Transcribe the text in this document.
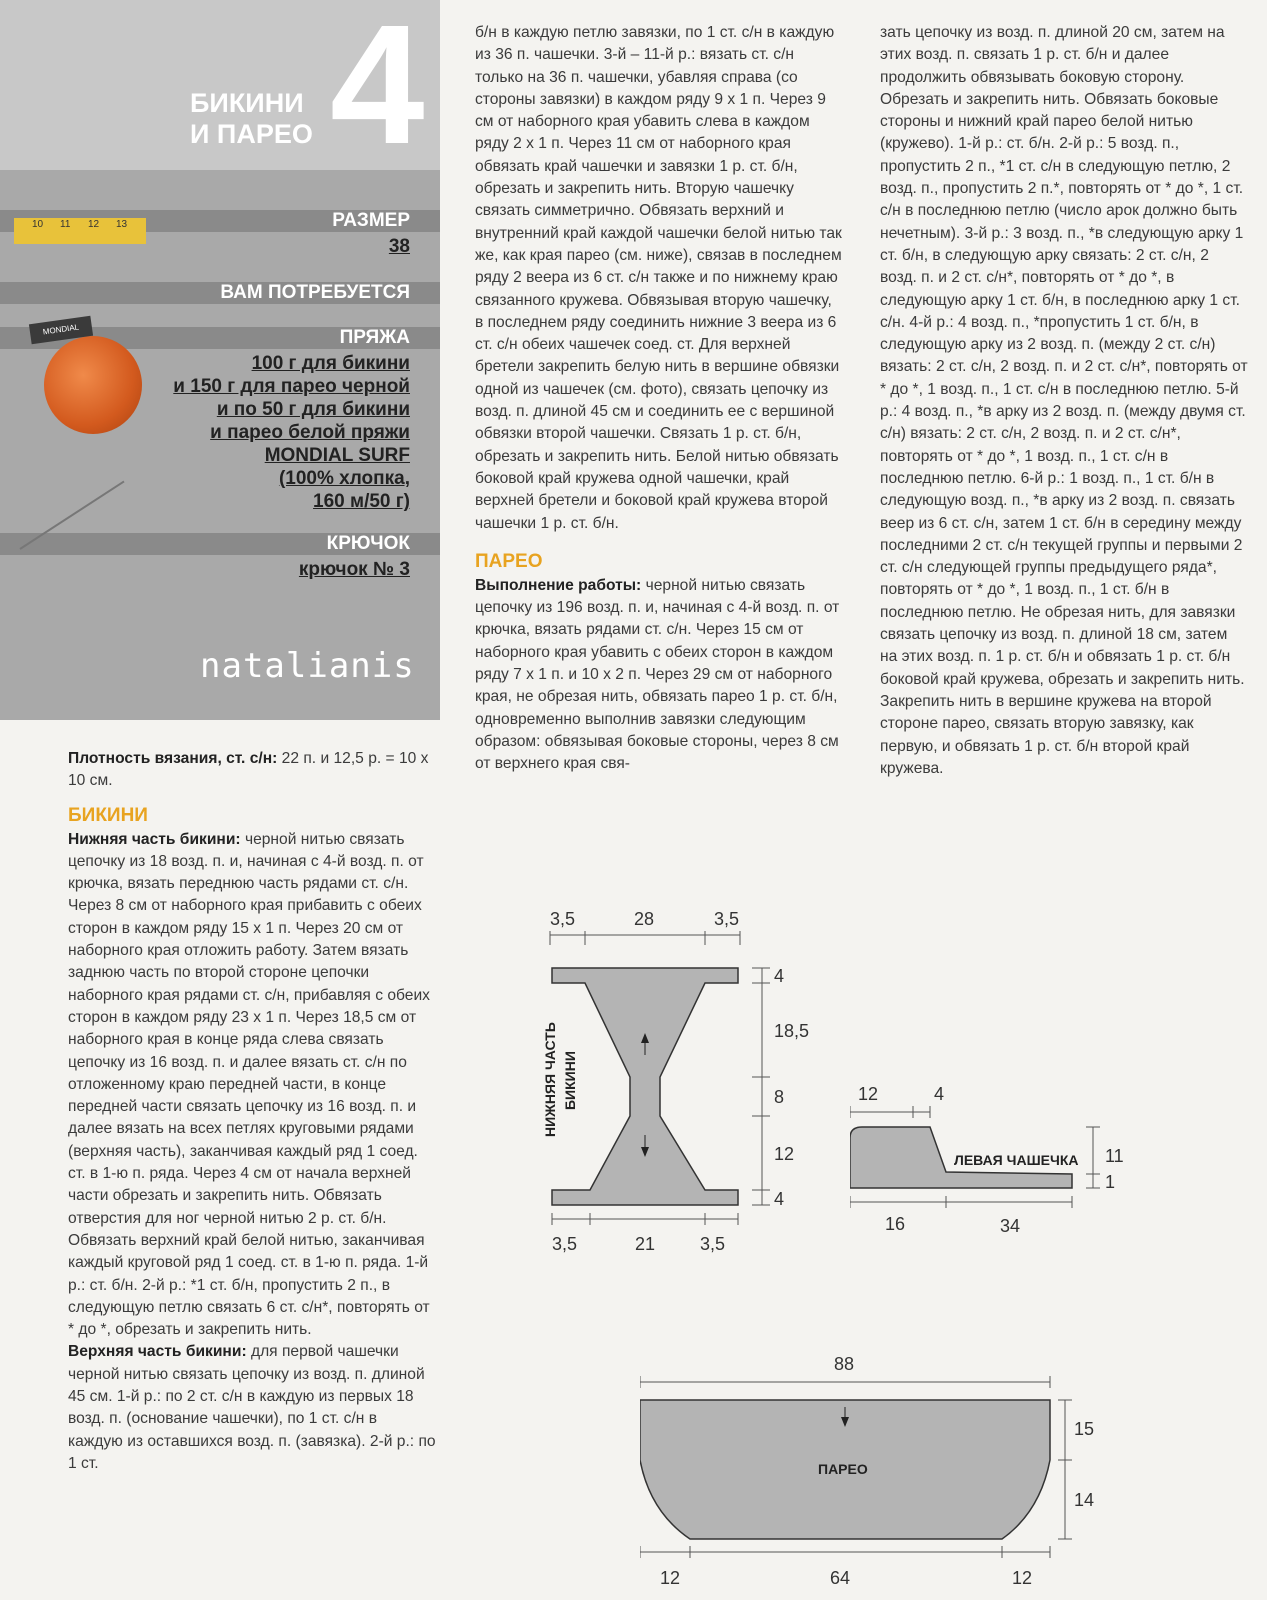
БИКИНИ
И ПАРЕО 4
10 11 12 13	РАЗМЕР
38
ВАМ ПОТРЕБУЕТСЯ
MONDIAL	ПРЯЖА
100 г для бикини
и 150 г для парео черной
и по 50 г для бикини
и парео белой пряжи
MONDIAL SURF
(100% хлопка,
160 м/50 г)
КРЮЧОК
крючок № 3
natalianis

Плотность вязания, ст. с/н: 22 п. и 12,5 р. = 10 х 10 см.

БИКИНИ

Нижняя часть бикини: черной нитью связать цепочку из 18 возд. п. и, начиная с 4-й возд. п. от крючка, вязать переднюю часть рядами ст. с/н. Через 8 см от наборного края прибавить с обеих сторон в каждом ряду 15 х 1 п. Через 20 см от наборного края отложить работу. Затем вязать заднюю часть по второй стороне цепочки наборного края рядами ст. с/н, прибавляя с обеих сторон в каждом ряду 23 х 1 п. Через 18,5 см от наборного края в конце ряда слева связать цепочку из 16 возд. п. и далее вязать ст. с/н по отложенному краю передней части, в конце передней части связать цепочку из 16 возд. п. и далее вязать на всех петлях круговыми рядами (верхняя часть), заканчивая каждый ряд 1 соед. ст. в 1-ю п. ряда. Через 4 см от начала верхней части обрезать и закрепить нить. Обвязать отверстия для ног черной нитью 2 р. ст. б/н. Обвязать верхний край белой нитью, заканчивая каждый круговой ряд 1 соед. ст. в 1-ю п. ряда. 1-й р.: ст. б/н. 2-й р.: *1 ст. б/н, пропустить 2 п., в следующую петлю связать 6 ст. с/н*, повторять от * до *, обрезать и закрепить нить.

Верхняя часть бикини: для первой чашечки черной нитью связать цепочку из возд. п. длиной 45 см. 1-й р.: по 2 ст. с/н в каждую из первых 18 возд. п. (основание чашечки), по 1 ст. с/н в каждую из оставшихся возд. п. (завязка). 2-й р.: по 1 ст.

б/н в каждую петлю завязки, по 1 ст. с/н в каждую из 36 п. чашечки. 3-й – 11-й р.: вязать ст. с/н только на 36 п. чашечки, убавляя справа (со стороны завязки) в каждом ряду 9 х 1 п. Через 9 см от наборного края убавить слева в каждом ряду 2 х 1 п. Через 11 см от наборного края обвязать край чашечки и завязки 1 р. ст. б/н, обрезать и закрепить нить. Вторую чашечку связать симметрично. Обвязать верхний и внутренний край каждой чашечки белой нитью так же, как края парео (см. ниже), связав в последнем ряду 2 веера из 6 ст. с/н также и по нижнему краю связанного кружева. Обвязывая вторую чашечку, в последнем ряду соединить нижние 3 веера из 6 ст. с/н обеих чашечек соед. ст. Для верхней бретели закрепить белую нить в вершине обвязки одной из чашечек (см. фото), связать цепочку из возд. п. длиной 45 см и соединить ее с вершиной обвязки второй чашечки. Связать 1 р. ст. б/н, обрезать и закрепить нить. Белой нитью обвязать боковой край кружева одной чашечки, край верхней бретели и боковой край кружева второй чашечки 1 р. ст. б/н.

ПАРЕО

Выполнение работы: черной нитью связать цепочку из 196 возд. п. и, начиная с 4-й возд. п. от крючка, вязать рядами ст. с/н. Через 15 см от наборного края убавить с обеих сторон в каждом ряду 7 х 1 п. и 10 х 2 п. Через 29 см от наборного края, не обрезая нить, обвязать парео 1 р. ст. б/н, одновременно выполнив завязки следующим образом: обвязывая боковые стороны, через 8 см от верхнего края свя-

зать цепочку из возд. п. длиной 20 см, затем на этих возд. п. связать 1 р. ст. б/н и далее продолжить обвязывать боковую сторону. Обрезать и закрепить нить. Обвязать боковые стороны и нижний край парео белой нитью (кружево). 1-й р.: ст. б/н. 2-й р.: 5 возд. п., пропустить 2 п., *1 ст. с/н в следующую петлю, 2 возд. п., пропустить 2 п.*, повторять от * до *, 1 ст. с/н в последнюю петлю (число арок должно быть нечетным). 3-й р.: 3 возд. п., *в следующую арку 1 ст. б/н, в следующую арку связать: 2 ст. с/н, 2 возд. п. и 2 ст. с/н*, повторять от * до *, в следующую арку 1 ст. б/н, в последнюю арку 1 ст. с/н. 4-й р.: 4 возд. п., *пропустить 1 ст. б/н, в следующую арку из 2 возд. п. (между 2 ст. с/н) вязать: 2 ст. с/н, 2 возд. п. и 2 ст. с/н*, повторять от * до *, 1 возд. п., 1 ст. с/н в последнюю петлю. 5-й р.: 4 возд. п., *в арку из 2 возд. п. (между двумя ст. с/н) вязать: 2 ст. с/н, 2 возд. п. и 2 ст. с/н*, повторять от * до *, 1 возд. п., 1 ст. с/н в последнюю петлю. 6-й р.: 1 возд. п., 1 ст. б/н в следующую возд. п., *в арку из 2 возд. п. связать веер из 6 ст. с/н, затем 1 ст. б/н в середину между последними 2 ст. с/н текущей группы и первыми 2 ст. с/н следующей группы предыдущего ряда*, повторять от * до *, 1 возд. п., 1 ст. б/н в последнюю петлю. Не обрезая нить, для завязки связать цепочку из возд. п. длиной 18 см, затем на этих возд. п. 1 р. ст. б/н и обвязать 1 р. ст. б/н боковой край кружева, обрезать и закрепить нить. Закрепить нить в вершине кружева на второй стороне парео, связать вторую завязку, как первую, и обвязать 1 р. ст. б/н второй край кружева.

3,5	28	3,5
НИЖНЯЯ ЧАСТЬ БИКИНИ
4
18,5
8
12
4
3,5	21 3,5
12	4
ЛЕВАЯ ЧАШЕЧКА 11
1
16	34
88
ПАРЕО
15
14
12	64	12
